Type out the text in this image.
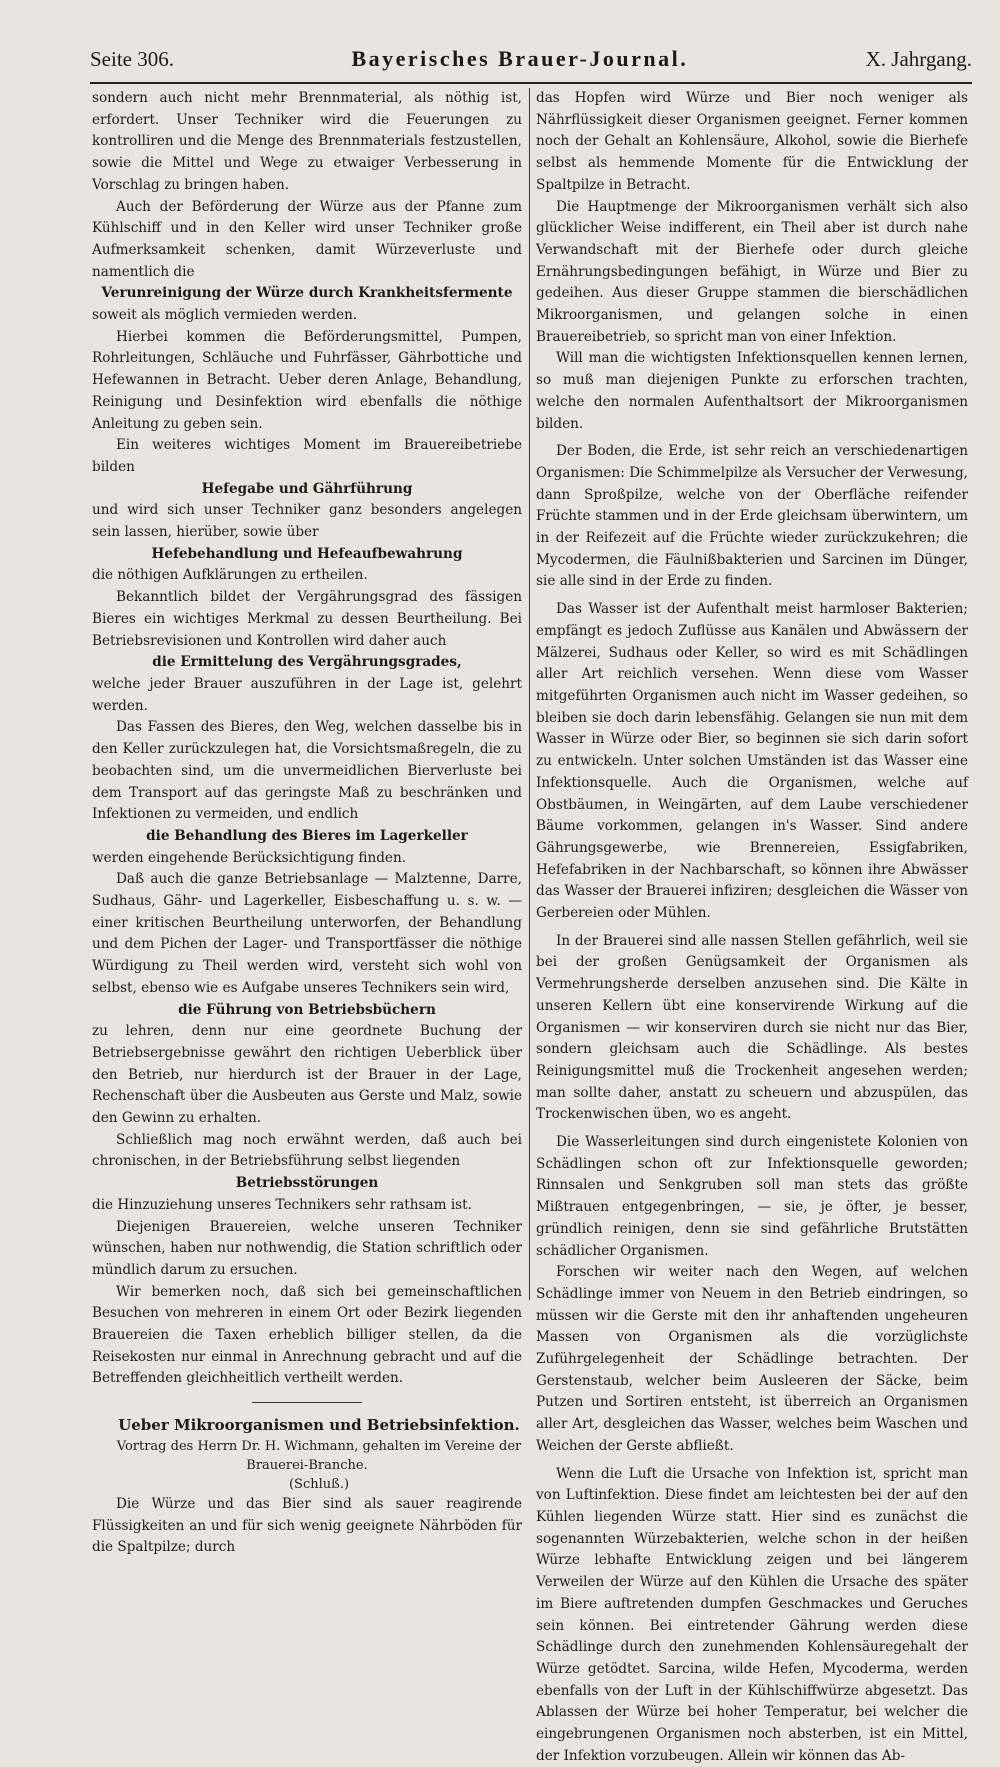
Seite 306.	Bayerisches Brauer-Journal.	X. Jahrgang.

sondern auch nicht mehr Brennmaterial, als nöthig ist, erfordert. Unser Techniker wird die Feuerungen zu kontrolliren und die Menge des Brennmaterials festzustellen, sowie die Mittel und Wege zu etwaiger Verbesserung in Vorschlag zu bringen haben.

Auch der Beförderung der Würze aus der Pfanne zum Kühlschiff und in den Keller wird unser Techniker große Aufmerksamkeit schenken, damit Würzeverluste und namentlich die

Verunreinigung der Würze durch Krankheitsfermente

soweit als möglich vermieden werden.

Hierbei kommen die Beförderungsmittel, Pumpen, Rohrleitungen, Schläuche und Fuhrfässer, Gährbottiche und Hefewannen in Betracht. Ueber deren Anlage, Behandlung, Reinigung und Desinfektion wird ebenfalls die nöthige Anleitung zu geben sein.

Ein weiteres wichtiges Moment im Brauereibetriebe bilden

Hefegabe und Gährführung

und wird sich unser Techniker ganz besonders angelegen sein lassen, hierüber, sowie über

Hefebehandlung und Hefeaufbewahrung

die nöthigen Aufklärungen zu ertheilen.

Bekanntlich bildet der Vergährungsgrad des fässigen Bieres ein wichtiges Merkmal zu dessen Beurtheilung. Bei Betriebsrevisionen und Kontrollen wird daher auch

die Ermittelung des Vergährungsgrades,

welche jeder Brauer auszuführen in der Lage ist, gelehrt werden.

Das Fassen des Bieres, den Weg, welchen dasselbe bis in den Keller zurückzulegen hat, die Vorsichtsmaßregeln, die zu beobachten sind, um die unvermeidlichen Bierverluste bei dem Transport auf das geringste Maß zu beschränken und Infektionen zu vermeiden, und endlich

die Behandlung des Bieres im Lagerkeller

werden eingehende Berücksichtigung finden.

Daß auch die ganze Betriebsanlage — Malztenne, Darre, Sudhaus, Gähr- und Lagerkeller, Eisbeschaffung u. s. w. — einer kritischen Beurtheilung unterworfen, der Behandlung und dem Pichen der Lager- und Transportfässer die nöthige Würdigung zu Theil werden wird, versteht sich wohl von selbst, ebenso wie es Aufgabe unseres Technikers sein wird,

die Führung von Betriebsbüchern

zu lehren, denn nur eine geordnete Buchung der Betriebsergebnisse gewährt den richtigen Ueberblick über den Betrieb, nur hierdurch ist der Brauer in der Lage, Rechenschaft über die Ausbeuten aus Gerste und Malz, sowie den Gewinn zu erhalten.

Schließlich mag noch erwähnt werden, daß auch bei chronischen, in der Betriebsführung selbst liegenden

Betriebsstörungen

die Hinzuziehung unseres Technikers sehr rathsam ist.

Diejenigen Brauereien, welche unseren Techniker wünschen, haben nur nothwendig, die Station schriftlich oder mündlich darum zu ersuchen.

Wir bemerken noch, daß sich bei gemeinschaftlichen Besuchen von mehreren in einem Ort oder Bezirk liegenden Brauereien die Taxen erheblich billiger stellen, da die Reisekosten nur einmal in Anrechnung gebracht und auf die Betreffenden gleichheitlich vertheilt werden.

Ueber Mikroorganismen und Betriebsinfektion.

Vortrag des Herrn Dr. H. Wichmann, gehalten im Vereine der Brauerei-Branche.

(Schluß.)

Die Würze und das Bier sind als sauer reagirende Flüssigkeiten an und für sich wenig geeignete Nährböden für die Spaltpilze; durch

das Hopfen wird Würze und Bier noch weniger als Nährflüssigkeit dieser Organismen geeignet. Ferner kommen noch der Gehalt an Kohlensäure, Alkohol, sowie die Bierhefe selbst als hemmende Momente für die Entwicklung der Spaltpilze in Betracht.

Die Hauptmenge der Mikroorganismen verhält sich also glücklicher Weise indifferent, ein Theil aber ist durch nahe Verwandschaft mit der Bierhefe oder durch gleiche Ernährungsbedingungen befähigt, in Würze und Bier zu gedeihen. Aus dieser Gruppe stammen die bierschädlichen Mikroorganismen, und gelangen solche in einen Brauereibetrieb, so spricht man von einer Infektion.

Will man die wichtigsten Infektionsquellen kennen lernen, so muß man diejenigen Punkte zu erforschen trachten, welche den normalen Aufenthaltsort der Mikroorganismen bilden.

Der Boden, die Erde, ist sehr reich an verschiedenartigen Organismen: Die Schimmelpilze als Versucher der Verwesung, dann Sproßpilze, welche von der Oberfläche reifender Früchte stammen und in der Erde gleichsam überwintern, um in der Reifezeit auf die Früchte wieder zurückzukehren; die Mycodermen, die Fäulnißbakterien und Sarcinen im Dünger, sie alle sind in der Erde zu finden.

Das Wasser ist der Aufenthalt meist harmloser Bakterien; empfängt es jedoch Zuflüsse aus Kanälen und Abwässern der Mälzerei, Sudhaus oder Keller, so wird es mit Schädlingen aller Art reichlich versehen. Wenn diese vom Wasser mitgeführten Organismen auch nicht im Wasser gedeihen, so bleiben sie doch darin lebensfähig. Gelangen sie nun mit dem Wasser in Würze oder Bier, so beginnen sie sich darin sofort zu entwickeln. Unter solchen Umständen ist das Wasser eine Infektionsquelle. Auch die Organismen, welche auf Obstbäumen, in Weingärten, auf dem Laube verschiedener Bäume vorkommen, gelangen in's Wasser. Sind andere Gährungsgewerbe, wie Brennereien, Essigfabriken, Hefefabriken in der Nachbarschaft, so können ihre Abwässer das Wasser der Brauerei infiziren; desgleichen die Wässer von Gerbereien oder Mühlen.

In der Brauerei sind alle nassen Stellen gefährlich, weil sie bei der großen Genügsamkeit der Organismen als Vermehrungsherde derselben anzusehen sind. Die Kälte in unseren Kellern übt eine konservirende Wirkung auf die Organismen — wir konserviren durch sie nicht nur das Bier, sondern gleichsam auch die Schädlinge. Als bestes Reinigungsmittel muß die Trockenheit angesehen werden; man sollte daher, anstatt zu scheuern und abzuspülen, das Trockenwischen üben, wo es angeht.

Die Wasserleitungen sind durch eingenistete Kolonien von Schädlingen schon oft zur Infektionsquelle geworden; Rinnsalen und Senkgruben soll man stets das größte Mißtrauen entgegenbringen, — sie, je öfter, je besser, gründlich reinigen, denn sie sind gefährliche Brutstätten schädlicher Organismen.

Forschen wir weiter nach den Wegen, auf welchen Schädlinge immer von Neuem in den Betrieb eindringen, so müssen wir die Gerste mit den ihr anhaftenden ungeheuren Massen von Organismen als die vorzüglichste Zuführgelegenheit der Schädlinge betrachten. Der Gerstenstaub, welcher beim Ausleeren der Säcke, beim Putzen und Sortiren entsteht, ist überreich an Organismen aller Art, desgleichen das Wasser, welches beim Waschen und Weichen der Gerste abfließt.

Wenn die Luft die Ursache von Infektion ist, spricht man von Luftinfektion. Diese findet am leichtesten bei der auf den Kühlen liegenden Würze statt. Hier sind es zunächst die sogenannten Würzebakterien, welche schon in der heißen Würze lebhafte Entwicklung zeigen und bei längerem Verweilen der Würze auf den Kühlen die Ursache des später im Biere auftretenden dumpfen Geschmackes und Geruches sein können. Bei eintretender Gährung werden diese Schädlinge durch den zunehmenden Kohlensäuregehalt der Würze getödtet. Sarcina, wilde Hefen, Mycoderma, werden ebenfalls von der Luft in der Kühlschiffwürze abgesetzt. Das Ablassen der Würze bei hoher Temperatur, bei welcher die eingebrungenen Organismen noch absterben, ist ein Mittel, der Infektion vorzubeugen. Allein wir können das Ab-
